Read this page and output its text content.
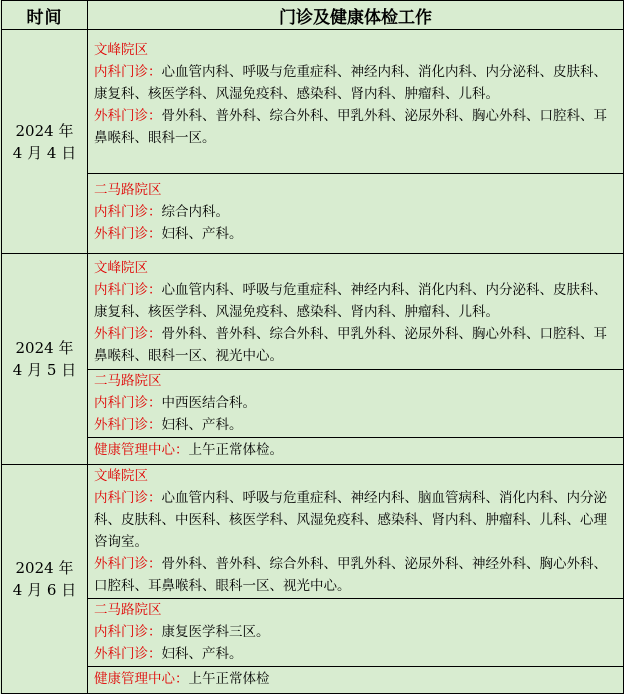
时间	门诊及健康体检工作

2024 年
4 月 4 日	文峰院区
内科门诊：心血管内科、呼吸与危重症科、神经内科、消化内科、内分泌科、皮肤科、康复科、核医学科、风湿免疫科、感染科、肾内科、肿瘤科、儿科。
外科门诊：骨外科、普外科、综合外科、甲乳外科、泌尿外科、胸心外科、口腔科、耳鼻喉科、眼科一区。

	二马路院区
内科门诊：综合内科。
外科门诊：妇科、产科。

2024 年
4 月 5 日	文峰院区
内科门诊：心血管内科、呼吸与危重症科、神经内科、消化内科、内分泌科、皮肤科、康复科、核医学科、风湿免疫科、感染科、肾内科、肿瘤科、儿科。
外科门诊：骨外科、普外科、综合外科、甲乳外科、泌尿外科、胸心外科、口腔科、耳鼻喉科、眼科一区、视光中心。

	二马路院区
内科门诊：中西医结合科。
外科门诊：妇科、产科。

	健康管理中心：上午正常体检。

2024 年
4 月 6 日	文峰院区
内科门诊：心血管内科、呼吸与危重症科、神经内科、脑血管病科、消化内科、内分泌科、皮肤科、中医科、核医学科、风湿免疫科、感染科、肾内科、肿瘤科、儿科、心理咨询室。
外科门诊：骨外科、普外科、综合外科、甲乳外科、泌尿外科、神经外科、胸心外科、口腔科、耳鼻喉科、眼科一区、视光中心。

	二马路院区
内科门诊：康复医学科三区。
外科门诊：妇科、产科。

	健康管理中心：上午正常体检
